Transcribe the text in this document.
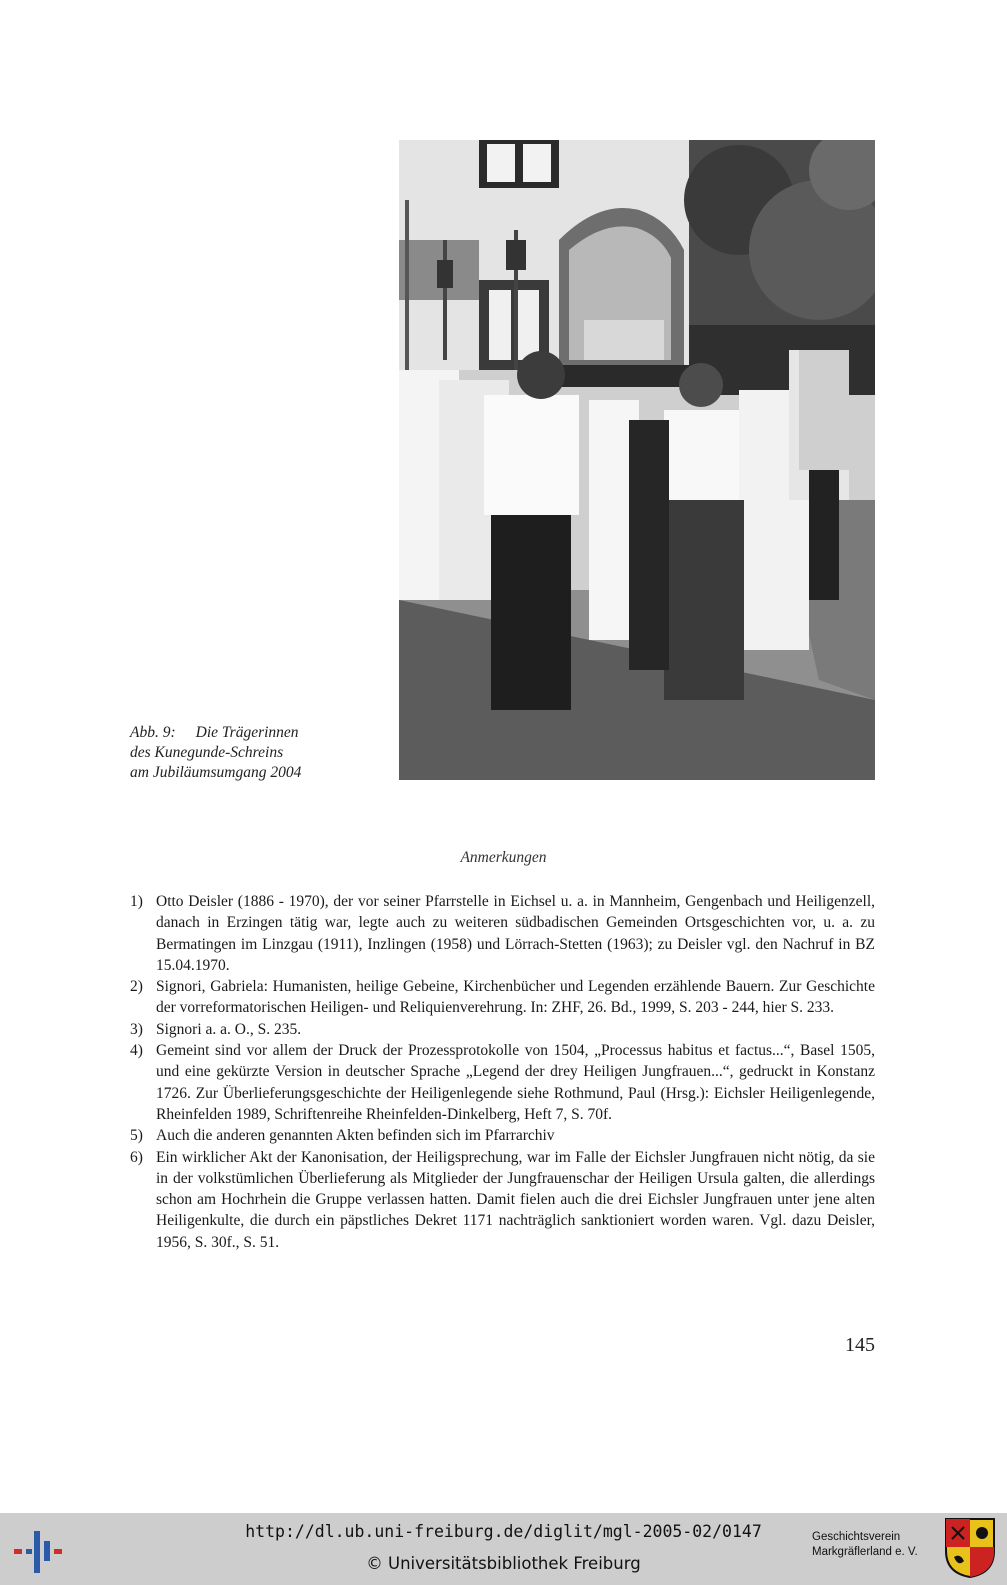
Abb. 9: Die Trägerinnen
des Kunegunde-Schreins
am Jubiläumsumgang 2004
Anmerkungen
1) Otto Deisler (1886 - 1970), der vor seiner Pfarrstelle in Eichsel u. a. in Mannheim, Gengenbach und Heiligenzell, danach in Erzingen tätig war, legte auch zu weiteren südbadischen Gemeinden Ortsgeschichten vor, u. a. zu Bermatingen im Linzgau (1911), Inzlingen (1958) und Lörrach-Stetten (1963); zu Deisler vgl. den Nachruf in BZ 15.04.1970.
2) Signori, Gabriela: Humanisten, heilige Gebeine, Kirchenbücher und Legenden erzählende Bauern. Zur Geschichte der vorreformatorischen Heiligen- und Reliquienverehrung. In: ZHF, 26. Bd., 1999, S. 203 - 244, hier S. 233.
3) Signori a. a. O., S. 235.
4) Gemeint sind vor allem der Druck der Prozessprotokolle von 1504, „Processus habitus et factus...“, Basel 1505, und eine gekürzte Version in deutscher Sprache „Legend der drey Heiligen Jungfrauen...“, gedruckt in Konstanz 1726. Zur Überlieferungsgeschichte der Heiligenlegende siehe Rothmund, Paul (Hrsg.): Eichsler Heiligenlegende, Rheinfelden 1989, Schriftenreihe Rheinfelden-Dinkelberg, Heft 7, S. 70f.
5) Auch die anderen genannten Akten befinden sich im Pfarrarchiv
6) Ein wirklicher Akt der Kanonisation, der Heiligsprechung, war im Falle der Eichsler Jungfrauen nicht nötig, da sie in der volkstümlichen Überlieferung als Mitglieder der Jungfrauenschar der Heiligen Ursula galten, die allerdings schon am Hochrhein die Gruppe verlassen hatten. Damit fielen auch die drei Eichsler Jungfrauen unter jene alten Heiligenkulte, die durch ein päpstliches Dekret 1171 nachträglich sanktioniert worden waren. Vgl. dazu Deisler, 1956, S. 30f., S. 51.
145
http://dl.ub.uni-freiburg.de/diglit/mgl-2005-02/0147
© Universitätsbibliothek Freiburg
Geschichtsverein
Markgräflerland e. V.
